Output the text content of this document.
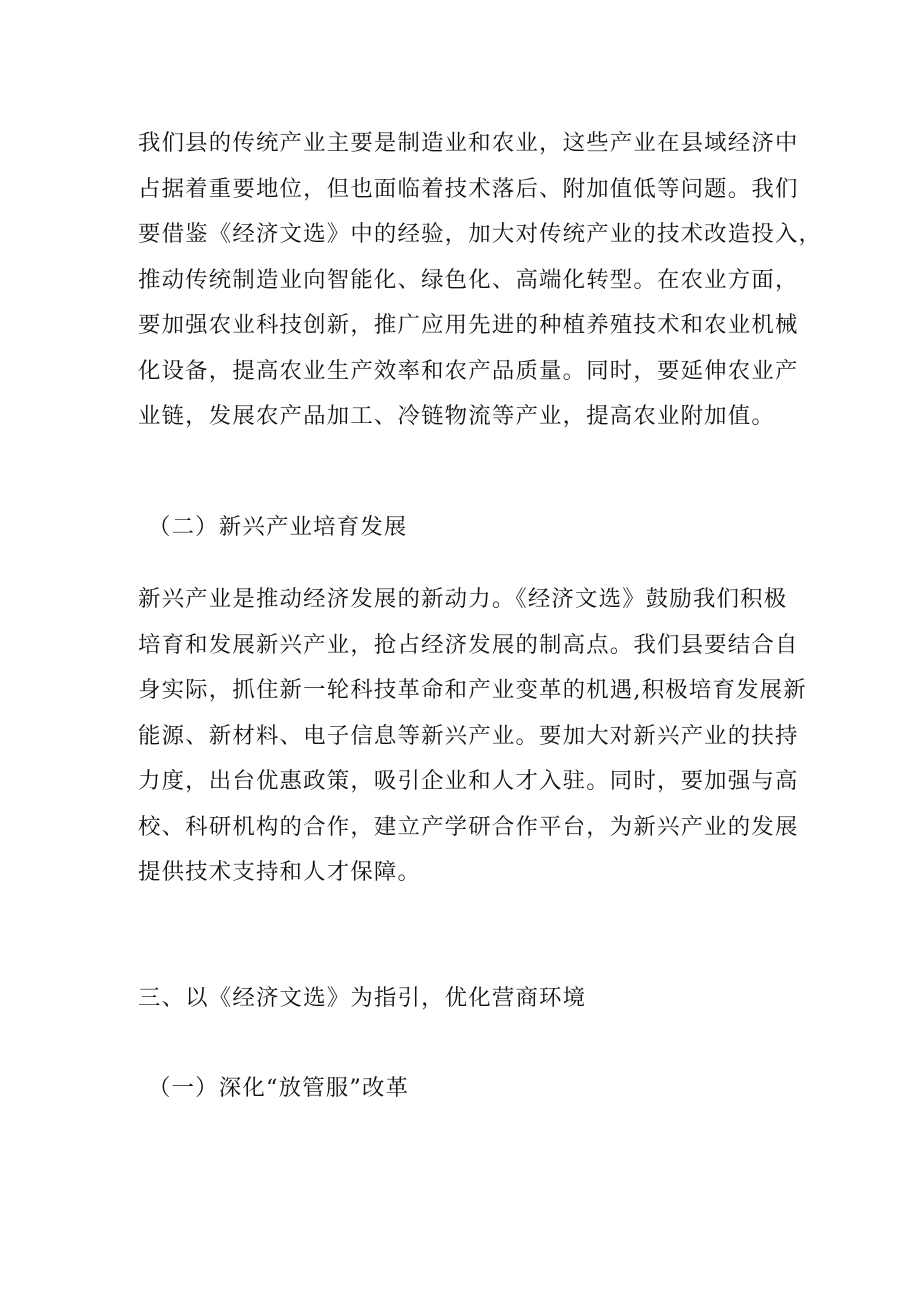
我们县的传统产业主要是制造业和农业，这些产业在县域经济中
占据着重要地位，但也面临着技术落后、附加值低等问题。我们
要借鉴《经济文选》中的经验，加大对传统产业的技术改造投入，
推动传统制造业向智能化、绿色化、高端化转型。在农业方面，
要加强农业科技创新，推广应用先进的种植养殖技术和农业机械
化设备，提高农业生产效率和农产品质量。同时，要延伸农业产
业链，发展农产品加工、冷链物流等产业，提高农业附加值。
（二）新兴产业培育发展
新兴产业是推动经济发展的新动力。《经济文选》鼓励我们积极
培育和发展新兴产业，抢占经济发展的制高点。我们县要结合自
身实际，抓住新一轮科技革命和产业变革的机遇,积极培育发展新
能源、新材料、电子信息等新兴产业。要加大对新兴产业的扶持
力度，出台优惠政策，吸引企业和人才入驻。同时，要加强与高
校、科研机构的合作，建立产学研合作平台，为新兴产业的发展
提供技术支持和人才保障。
三、以《经济文选》为指引，优化营商环境
（一）深化“放管服”改革
